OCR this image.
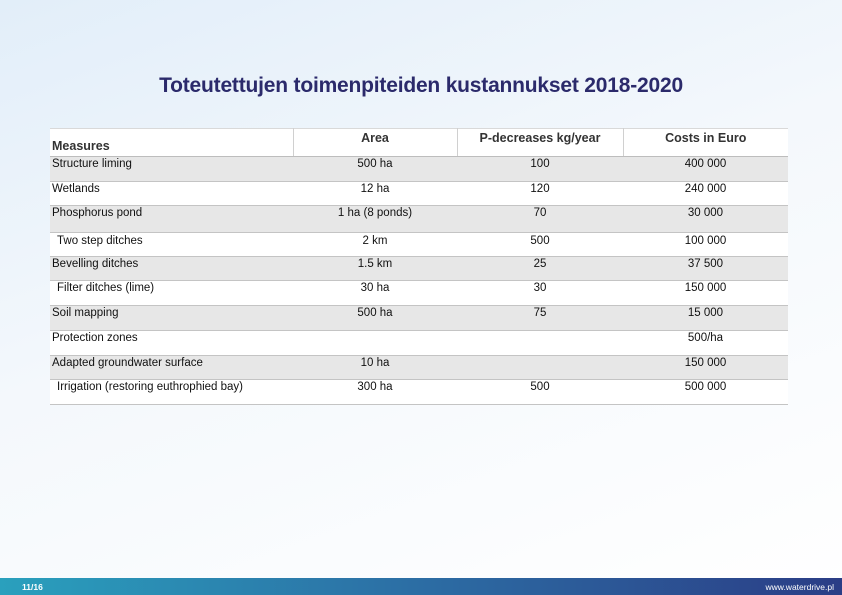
Toteutettujen toimenpiteiden kustannukset 2018-2020
Measures	Area	P-decreases kg/year	Costs in Euro
Structure liming	500 ha	100	400 000
Wetlands	12 ha	120	240 000
Phosphorus pond	1 ha (8 ponds)	70	30 000
Two step ditches	2 km	500	100 000
Bevelling ditches	1.5 km	25	37 500
Filter ditches (lime)	30 ha	30	150 000
Soil mapping	500 ha	75	15 000
Protection zones			500/ha
Adapted groundwater surface	10 ha		150 000
Irrigation (restoring euthrophied bay)	300 ha	500	500 000
11/16	www.waterdrive.pl
